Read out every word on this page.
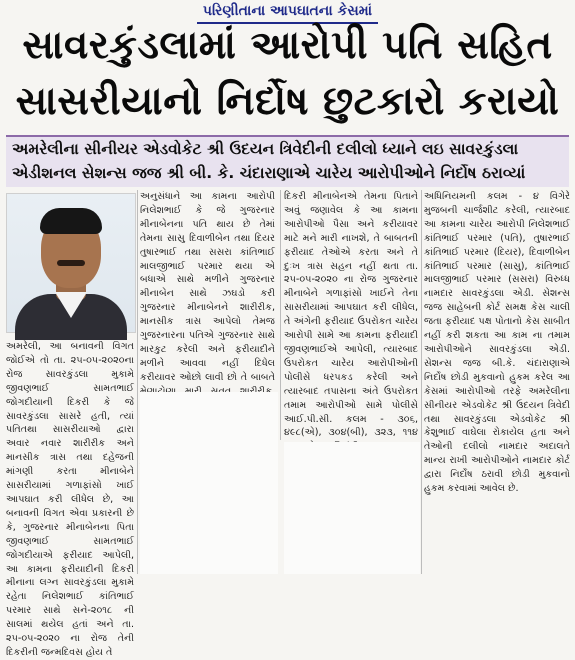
પરિણીતાના આપઘાતના કેસમાં
સાવરકુંડલામાં આરોપી પતિ સહિત
સાસરીયાનો નિર્દોષ છુટકારો કરાયો
અમરેલીના સીનીયર એડવોકેટ શ્રી ઉદયન ત્રિવેદીની દલીલો ધ્યાને લઇ સાવરકુંડલા
એડીશનલ સેશન્સ જજ શ્રી બી. કે. ચંદારાણાએ ચારેય આરોપીઓને નિર્દોષ ઠરાવ્યાં
અમરેલી, આ બનાવની વિગત જોઈએ તો તા. ૨૫-૦૫-૨૦૨૦ના રોજ સાવરકુંડલા મુકામે જીવણભાઈ સામતભાઈ જોગદીયાની દિકરી કે જે સાવરકુંડલા સાસરે હતી, ત્યાં પતિતથા સાસરીયાઓ દ્વારા અવાર નવાર શારીરીક અને માનસીક ત્રાસ તથા દહેજની માંગણી કરતા મીનાબેને સાસરીયામાં ગળાફાંસો ખાઈ આપઘાત કરી લીધેલ છે, આ બનાવની વિગત એવા પ્રકારની છે કે, ગુજરનાર મીનાબેનના પિતા જીવણભાઈ સામતભાઈ જોગદીયાએ ફરીયાદ આપેલી, આ કામના ફરીયાદીની દિકરી મીનાના લગ્ન સાવરકુંડલા મુકામે રહેતા નિલેશભાઈ કાંતિભાઈ પરમાર સાથે સને-૨૦૧૮ ની સાલમાં થયેલ હતાં અને તા. ૨૫-૦૫-૨૦૨૦ ના રોજ તેની દિકરીની જન્મદિવસ હોય તે
અનુસંધાને આ કામના આરોપી નિલેશભાઈ કે જે ગુજરનાર મીનાબેનના પતિ થાય છે તેમાં તેમના સાસુ દિવાળીબેન તથા દિયર તુષારભાઈ તથા સસરા કાંતિભાઈ માલજીભાઈ પરમાર થયા એ બધાએ સાથે મળીને ગુજરનાર મીનાબેન સાથે ઝઘડો કરી ગુજરનાર મીનાબેનને શારીરીક, માનસીક ત્રાસ આપેલો તેમજ ગુજરનારના પતિએ ગુજરનાર સાથે મારકુટ કરેલી અને ફરીયાદીને મળીને આવવા નહીં દિધેલ કરીયાવર ઓછો લાવી છો તે બાબતે
દિકરી મીનાબેનએ તેમના પિતાને અવું જણાવેલ કે આ કામના આરોપીઓ પૈસા અને કરીયાવર માટે મને મારી નાખશે, તે બાબતની ફરીયાદ તેઓએ કરતા અને તે દુઃખ ત્રાસ સહન નહીં થતા તા. ૨૫-૦૫-૨૦૨૦ ના રોજ ગુજરનાર મીનાબેને ગળાફાંસો ખાઈને તેના સાસરીયામાં આપઘાત કરી લીધેલ, તે અંગેની ફરીયાદ ઉપરોકત ચારેય આરોપી સામે આ કામના ફરીયાદી જીવણભાઈએ આપેલી, ત્યારબાદ ઉપરોકત ચારેય આરોપીઓની પોલીસે ધરપકડ કરેલી અને ત્યારબાદ તપાસના અંતે ઉપરોકત તમામ આરોપીઓ સામે પોલીસે આઈ.પી.સી. કલમ - ૩૦૬, ૪૯૮(એ), ૩૦૪(બી), ૩૨૩, ૧૧૪
અધિનિયમની કલમ - ૪ વિગેરે મુજબની ચાર્જશીટ કરેલી, ત્યારબાદ આ કામના ચારેય આરોપી નિલેશભાઈ કાંતિભાઈ પરમાર (પતિ), તુષારભાઈ કાંતિભાઈ પરમાર (દિયર), દિવાળીબેન કાંતિભાઈ પરમાર (સાસુ), કાંતિભાઈ માલજીભાઈ પરમાર (સસરા) વિરુધ્ધ નામદાર સાવરકુંડલા એડી. સેશન્સ જજ સાહેબની કોર્ટ સમક્ષ કેસ ચાલી જતા ફરીયાદ પક્ષ પોતાનો કેસ સાબીત નહીં કરી શકતા આ કામ ના તમામ આરોપીઓને સાવરકુંડલા એડી. સેશન્સ જજ બી.કે. ચંદારાણાએ નિર્દોષ છોડી મુકવાનો હુકમ કરેલ આ કેસમાં આરોપીઓ તરફે અમરેલીના સીનીયર એડવોકેટ શ્રી ઉદયન ત્રિવેદી તથા સાવરકુંડલા એડવોકેટ શ્રી કેશુભાઈ વાઘેલા રોકાયેલ હતા અને તેઓની દલીલો નામદાર અદાલતે માન્ય રાખી આરોપીઓને નામદાર કોર્ટ દ્વારા નિર્દોષ ઠરાવી છોડી મુકવાનો હુકમ કરવામાં આવેલ છે.
